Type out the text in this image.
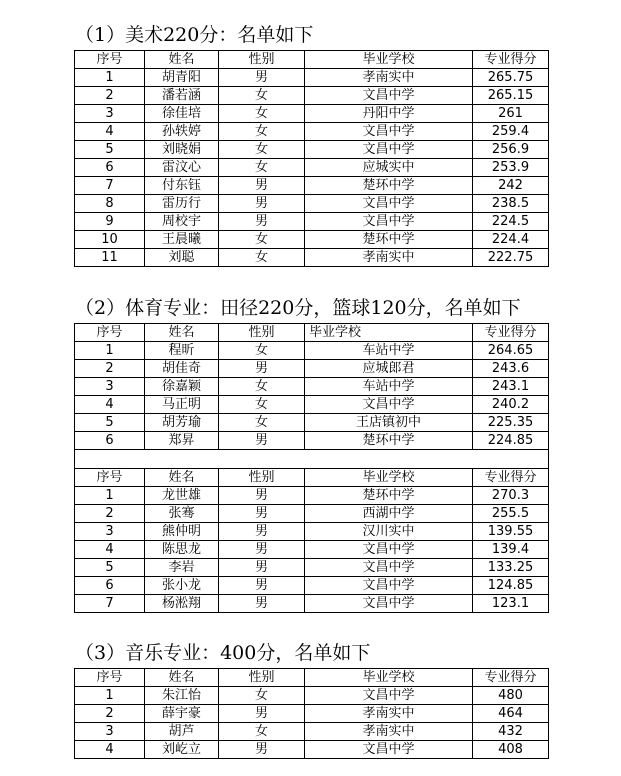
（1）美术220分：名单如下
序号	姓名	性别	毕业学校	专业得分
1	胡青阳	男	孝南实中	265.75
2	潘若涵	女	文昌中学	265.15
3	徐佳培	女	丹阳中学	261
4	孙轶婷	女	文昌中学	259.4
5	刘晓娟	女	文昌中学	256.9
6	雷汶心	女	应城实中	253.9
7	付东钰	男	楚环中学	242
8	雷历行	男	文昌中学	238.5
9	周校宇	男	文昌中学	224.5
10	王晨曦	女	楚环中学	224.4
11	刘聪	女	孝南实中	222.75
（2）体育专业：田径220分，篮球120分，名单如下
序号	姓名	性别	毕业学校	专业得分
1	程昕	女	车站中学	264.65
2	胡佳奇	男	应城郎君	243.6
3	徐嘉颖	女	车站中学	243.1
4	马正明	女	文昌中学	240.2
5	胡芳瑜	女	王店镇初中	225.35
6	郑昇	男	楚环中学	224.85

序号	姓名	性别	毕业学校	专业得分
1	龙世雄	男	楚环中学	270.3
2	张骞	男	西湖中学	255.5
3	熊仲明	男	汉川实中	139.55
4	陈思龙	男	文昌中学	139.4
5	李岩	男	文昌中学	133.25
6	张小龙	男	文昌中学	124.85
7	杨淞翔	男	文昌中学	123.1
（3）音乐专业：400分，名单如下
序号	姓名	性别	毕业学校	专业得分
1	朱江怡	女	文昌中学	480
2	薛宇豪	男	孝南实中	464
3	胡芦	女	孝南实中	432
4	刘屹立	男	文昌中学	408
